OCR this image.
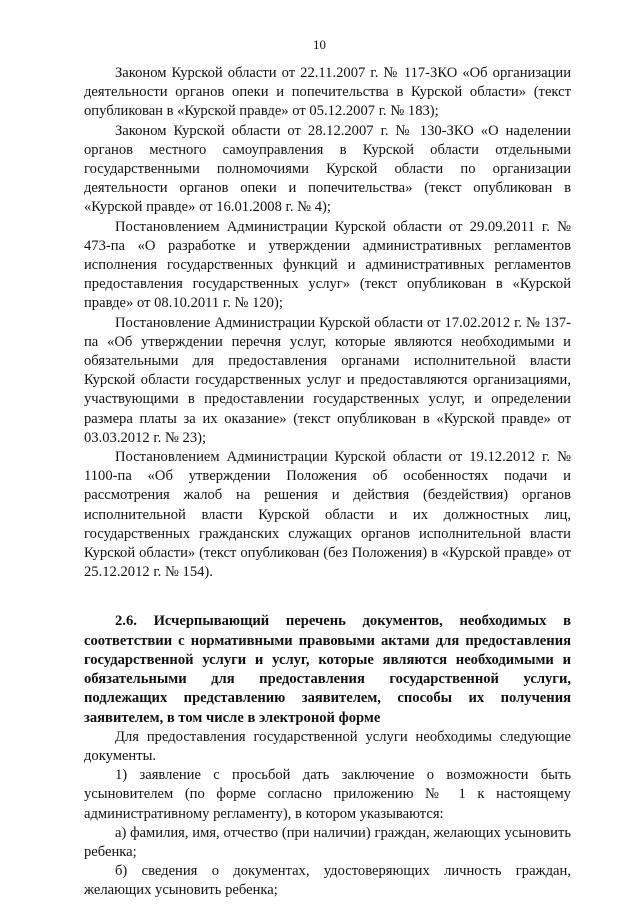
10

Законом Курской области от 22.11.2007 г. № 117-ЗКО «Об организации деятельности органов опеки и попечительства в Курской области» (текст опубликован в «Курской правде» от 05.12.2007 г. № 183);

Законом Курской области от 28.12.2007 г. № 130-ЗКО «О наделении органов местного самоуправления в Курской области отдельными государственными полномочиями Курской области по организации деятельности органов опеки и попечительства» (текст опубликован в «Курской правде» от 16.01.2008 г. № 4);

Постановлением Администрации Курской области от 29.09.2011 г. № 473-па «О разработке и утверждении административных регламентов исполнения государственных функций и административных регламентов предоставления государственных услуг» (текст опубликован в «Курской правде» от 08.10.2011 г. № 120);

Постановление Администрации Курской области от 17.02.2012 г. № 137-па «Об утверждении перечня услуг, которые являются необходимыми и обязательными для предоставления органами исполнительной власти Курской области государственных услуг и предоставляются организациями, участвующими в предоставлении государственных услуг, и определении размера платы за их оказание» (текст опубликован в «Курской правде» от 03.03.2012 г. № 23);

Постановлением Администрации Курской области от 19.12.2012 г. № 1100-па «Об утверждении Положения об особенностях подачи и рассмотрения жалоб на решения и действия (бездействия) органов исполнительной власти Курской области и их должностных лиц, государственных гражданских служащих органов исполнительной власти Курской области» (текст опубликован (без Положения) в «Курской правде» от 25.12.2012 г. № 154).

2.6. Исчерпывающий перечень документов, необходимых в соответствии с нормативными правовыми актами для предоставления государственной услуги и услуг, которые являются необходимыми и обязательными для предоставления государственной услуги, подлежащих представлению заявителем, способы их получения заявителем, в том числе в электроной форме

Для предоставления государственной услуги необходимы следующие документы.

1) заявление с просьбой дать заключение о возможности быть усыновителем (по форме согласно приложению № 1 к настоящему административному регламенту), в котором указываются:

а) фамилия, имя, отчество (при наличии) граждан, желающих усыновить ребенка;

б) сведения о документах, удостоверяющих личность граждан, желающих усыновить ребенка;
